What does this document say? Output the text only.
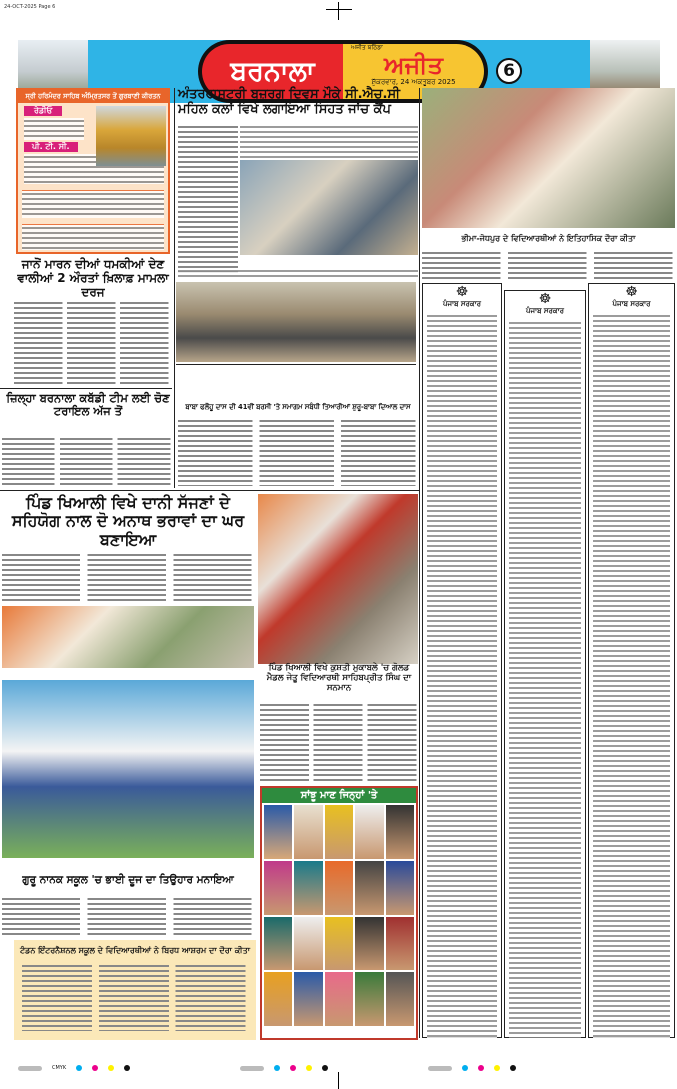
24-OCT-2025 Page 6
ਬਰਨਾਲਾ
ਅਜੀਤ ਬਠਿੰਡਾ
ਅਜੀਤ
ਸ਼ੁੱਕਰਵਾਰ, 24 ਅਕਤੂਬਰ 2025
6
ਸ੍ਰੀ ਹਰਿਮੰਦਰ ਸਾਹਿਬ ਅੰਮ੍ਰਿਤਸਰ ਤੋਂ ਗੁਰਬਾਣੀ ਕੀਰਤਨ
ਰੇਡੀਓ
ਪੀ. ਟੀ. ਸੀ.
ਜਾਨੋਂ ਮਾਰਨ ਦੀਆਂ ਧਮਕੀਆਂ ਦੇਣ ਵਾਲੀਆਂ 2 ਔਰਤਾਂ ਖ਼ਿਲਾਫ਼ ਮਾਮਲਾ ਦਰਜ
ਜ਼ਿਲ੍ਹਾ ਬਰਨਾਲਾ ਕਬੱਡੀ ਟੀਮ ਲਈ ਚੋਣ ਟਰਾਇਲ ਅੱਜ ਤੋਂ
ਅੰਤਰਰਾਸ਼ਟਰੀ ਬਜ਼ੁਰਗ ਦਿਵਸ ਮੌਕੇ ਸੀ.ਐਚ.ਸੀ ਮਹਿਲ ਕਲਾਂ ਵਿਖੇ ਲਗਾਇਆ ਸਿਹਤ ਜਾਂਚ ਕੈਂਪ
ਬਾਬਾ ਫਲੌਹੂ ਦਾਸ ਦੀ 41ਵੀਂ ਬਰਸੀ 'ਤੇ ਸਮਾਗਮ ਸਬੰਧੀ ਤਿਆਰੀਆਂ ਸ਼ੁਰੂ-ਬਾਬਾ ਦਿਆਲ ਦਾਸ
ਭੀਮਾ-ਜੋਧਪੁਰ ਦੇ ਵਿਦਿਆਰਥੀਆਂ ਨੇ ਇਤਿਹਾਸਿਕ ਦੌਰਾ ਕੀਤਾ
☸
ਪੰਜਾਬ ਸਰਕਾਰ	☸
ਪੰਜਾਬ ਸਰਕਾਰ
☸
ਪੰਜਾਬ ਸਰਕਾਰ
ਪਿੰਡ ਖਿਆਲੀ ਵਿਖੇ ਦਾਨੀ ਸੱਜਣਾਂ ਦੇ ਸਹਿਯੋਗ ਨਾਲ ਦੋ ਅਨਾਥ ਭਰਾਵਾਂ ਦਾ ਘਰ ਬਣਾਇਆ
ਪਿੰਡ ਖਿਆਲੀ ਵਿਖੇ ਕੁਸ਼ਤੀ ਮੁਕਾਬਲੇ 'ਚ ਗੋਲਡ ਮੈਡਲ ਜੇਤੂ ਵਿਦਿਆਰਥੀ ਸਾਹਿਬਪ੍ਰੀਤ ਸਿੰਘ ਦਾ ਸਨਮਾਨ
ਸਾਂਝੂ ਮਾਣ ਜਿਨ੍ਹਾਂ 'ਤੇ
ਗੁਰੂ ਨਾਨਕ ਸਕੂਲ 'ਚ ਭਾਈ ਦੂਜ ਦਾ ਤਿਉਹਾਰ ਮਨਾਇਆ
ਟੰਡਨ ਇੰਟਰਨੈਸ਼ਨਲ ਸਕੂਲ ਦੇ ਵਿਦਿਆਰਥੀਆਂ ਨੇ ਬਿਰਧ ਆਸ਼ਰਮ ਦਾ ਦੌਰਾ ਕੀਤਾ
CMYK
